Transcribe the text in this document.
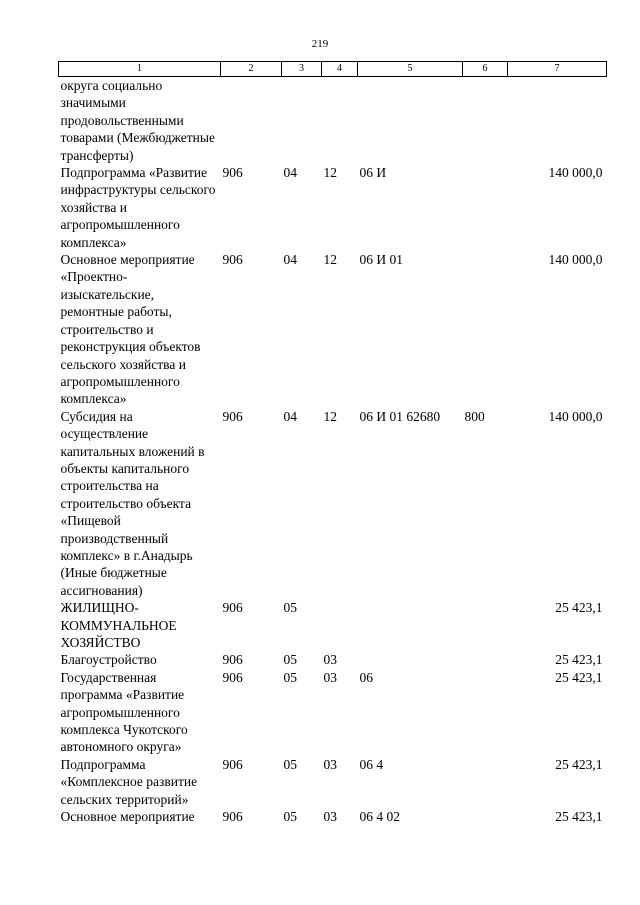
219
1	2	3	4	5	6	7
округа социально значимыми продовольственными товарами (Межбюджетные трансферты)						
Подпрограмма «Развитие инфраструктуры сельского хозяйства и агропромышленного комплекса»	906	04	12	06 И		140 000,0
Основное мероприятие «Проектно-изыскательские, ремонтные работы, строительство и реконструкция объектов сельского хозяйства и агропромышленного комплекса»	906	04	12	06 И 01		140 000,0
Субсидия на осуществление капитальных вложений в объекты капитального строительства на строительство объекта «Пищевой производственный комплекс» в г.Анадырь (Иные бюджетные ассигнования)	906	04	12	06 И 01 62680	800	140 000,0
ЖИЛИЩНО-КОММУНАЛЬНОЕ ХОЗЯЙСТВО	906	05				25 423,1
Благоустройство	906	05	03			25 423,1
Государственная программа «Развитие агропромышленного комплекса Чукотского автономного округа»	906	05	03	06		25 423,1
Подпрограмма «Комплексное развитие сельских территорий»	906	05	03	06 4		25 423,1
Основное мероприятие	906	05	03	06 4 02		25 423,1
